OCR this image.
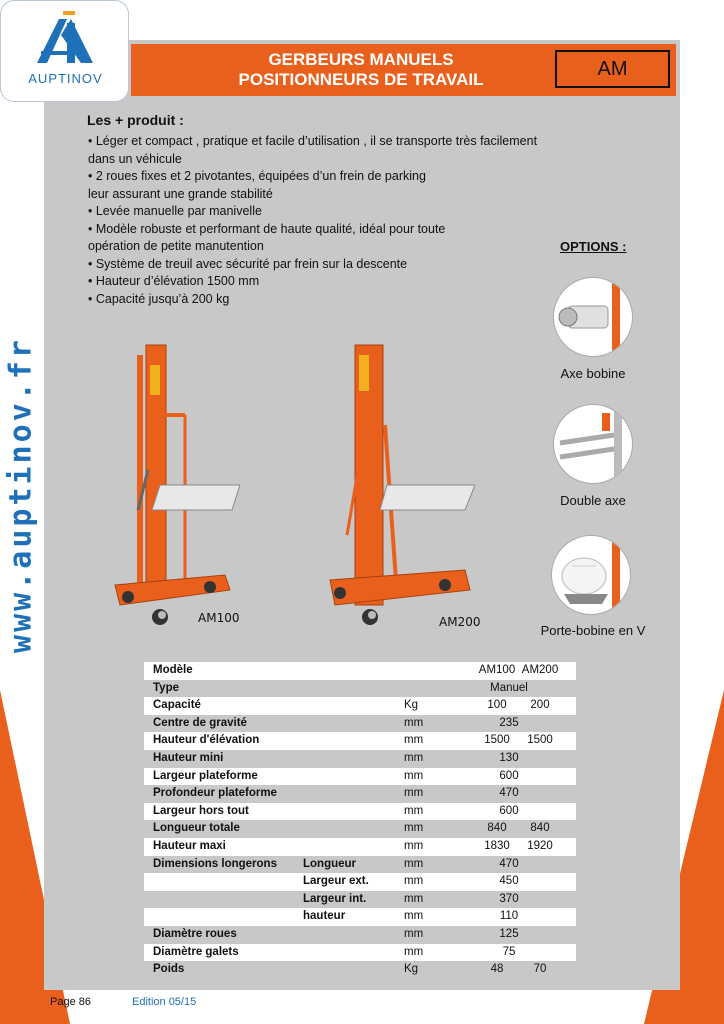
GERBEURS MANUELS
POSITIONNEURS DE TRAVAIL	AM
AUPTINOV
www.auptinov.fr
Les + produit :
• Léger et compact , pratique et facile d’utilisation , il se transporte très facilement
dans un véhicule
• 2 roues fixes et 2 pivotantes, équipées d’un frein de parking
leur assurant une grande stabilité
• Levée manuelle par manivelle
• Modèle robuste et performant de haute qualité, idéal pour toute
opération de petite manutention
• Système de treuil avec sécurité par frein sur la descente
• Hauteur d’élévation 1500 mm
• Capacité jusqu’à 200 kg
AM100	AM200
OPTIONS :
Axe bobine
Double axe
Porte-bobine en V
Modèle	AM100 AM200
Type	Manuel
Capacité	Kg	100	200
Centre de gravité	mm	235
Hauteur d'élévation	mm	1500	1500
Hauteur mini	mm	130
Largeur plateforme	mm	600
Profondeur plateforme	mm	470
Largeur hors tout	mm	600
Longueur totale	mm	840	840
Hauteur maxi	mm	1830	1920
Dimensions longerons Longueur	mm	470
Largeur ext.	mm	450
Largeur int.	mm	370
hauteur	mm	110
Diamètre roues	mm	125
Diamètre galets	mm	75
Poids	Kg	48	70
Page 86	Edition 05/15
